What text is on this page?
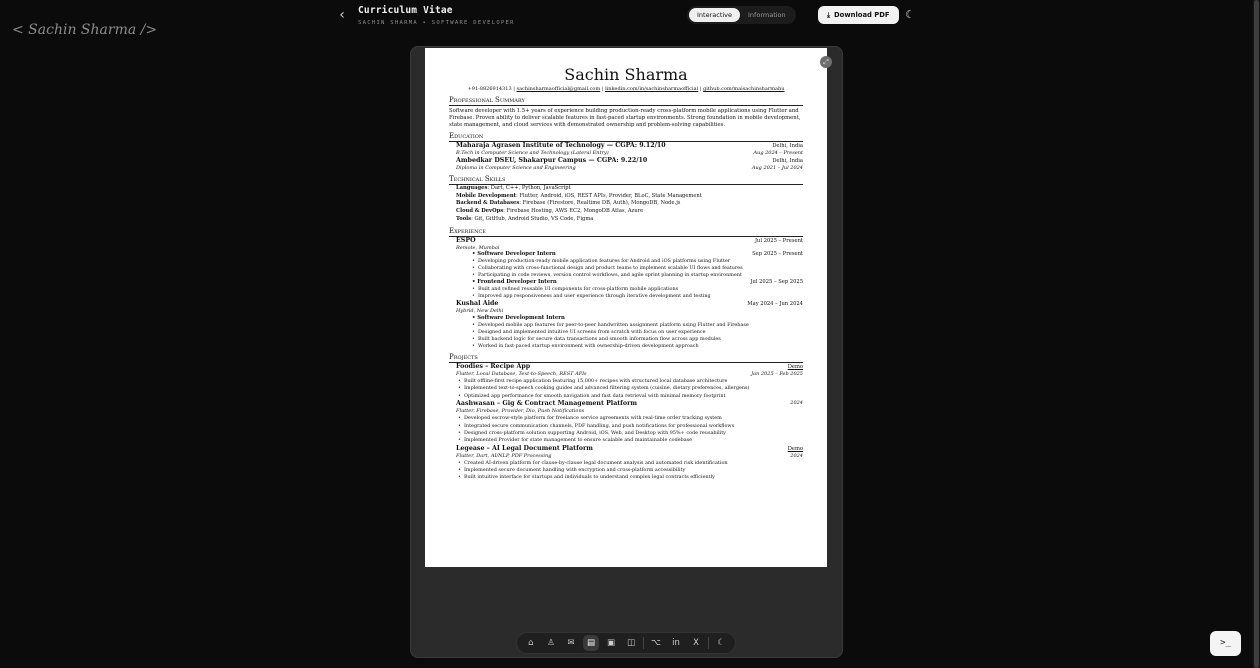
‹	Curriculum Vitae
SACHIN SHARMA • SOFTWARE DEVELOPER
Interactive	Information	⤓ Download PDF ☾
< Sachin Sharma />
Sachin Sharma
+91-8826914313 | sachinsharmaofficial@gmail.com | linkedin.com/in/sachinsharmaofficial | github.com/maisachinsharmahu
Professional Summary
Software developer with 1.5+ years of experience building production-ready cross-platform mobile applications using Flutter and Firebase. Proven ability to deliver scalable features in fast-paced startup environments. Strong foundation in mobile development, state management, and cloud services with demonstrated ownership and problem-solving capabilities.
Education
Maharaja Agrasen Institute of Technology — CGPA: 9.12/10	Delhi, India
B.Tech in Computer Science and Technology (Lateral Entry)	Aug 2024 – Present
Ambedkar DSEU, Shakarpur Campus — CGPA: 9.22/10	Delhi, India
Diploma in Computer Science and Engineering	Aug 2021 – Jul 2024
Technical Skills
Languages: Dart, C++, Python, JavaScript
Mobile Development: Flutter, Android, iOS, REST APIs, Provider, BLoC, State Management
Backend & Databases: Firebase (Firestore, Realtime DB, Auth), MongoDB, Node.js
Cloud & DevOps: Firebase Hosting, AWS EC2, MongoDB Atlas, Azure
Tools: Git, GitHub, Android Studio, VS Code, Figma
Experience
ESPO	Jul 2025 – Present
Remote, Mumbai
• Software Developer Intern	Sep 2025 – Present
• Developing production-ready mobile application features for Android and iOS platforms using Flutter
• Collaborating with cross-functional design and product teams to implement scalable UI flows and features
• Participating in code reviews, version control workflows, and agile sprint planning in startup environment
• Frontend Developer Intern	Jul 2025 – Sep 2025
• Built and refined reusable UI components for cross-platform mobile applications
• Improved app responsiveness and user experience through iterative development and testing
Kushal Aide	May 2024 – Jun 2024
Hybrid, New Delhi
• Software Development Intern
• Developed mobile app features for peer-to-peer handwritten assignment platform using Flutter and Firebase
• Designed and implemented intuitive UI screens from scratch with focus on user experience
• Built backend logic for secure data transactions and smooth information flow across app modules
• Worked in fast-paced startup environment with ownership-driven development approach
Projects
Foodies – Recipe App	Demo
Flutter, Local Database, Text-to-Speech, REST APIs	Jan 2025 – Feb 2025
• Built offline-first recipe application featuring 15,000+ recipes with structured local database architecture
• Implemented text-to-speech cooking guides and advanced filtering system (cuisine, dietary preferences, allergens)
• Optimized app performance for smooth navigation and fast data retrieval with minimal memory footprint
Aashwasan – Gig & Contract Management Platform	2024
Flutter, Firebase, Provider, Dio, Push Notifications
• Developed escrow-style platform for freelance service agreements with real-time order tracking system
• Integrated secure communication channels, PDF handling, and push notifications for professional workflows
• Designed cross-platform solution supporting Android, iOS, Web, and Desktop with 95%+ code reusability
• Implemented Provider for state management to ensure scalable and maintainable codebase
Legease – AI Legal Document Platform	Demo
Flutter, Dart, AI/NLP, PDF Processing	2024
• Created AI-driven platform for clause-by-clause legal document analysis and automated risk identification
• Implemented secure document handling with encryption and cross-platform accessibility
• Built intuitive interface for startups and individuals to understand complex legal contracts efficiently
⤢
⌂	♙	✉	▤	▣	◫	⌥	in	X	☾	>_
